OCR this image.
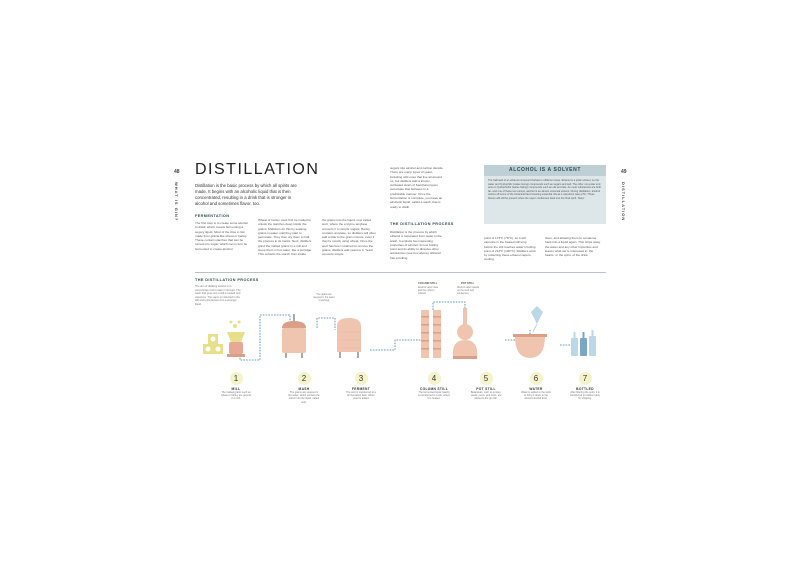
48
WHAT IS GIN?
49
DISTILLATION
DISTILLATION
Distillation is the basic process by which all spirits are made. It begins with an alcoholic liquid that is then concentrated, resulting in a drink that is stronger in alcohol and sometimes flavor, too.
FERMENTATION
The first step is to create some alcohol to distill, which means fermenting a sugary liquid. Most of the time in Gin made from grains like wheat or barley. These contain starches that can be turned into sugar, which can in turn be fermented to create alcohol.
Wheat or barley must first be malted to unlock the starches deep inside the grains. Maltsters do this by soaking grains in water until they start to germinate. They then dry them to halt the process in its tracks. Next, distillers grind the malted grains in a mill and steep them in hot water, like a porridge. This extracts the starch from inside
the grains into the liquid, now called wort, where the enzyme amylase converts it to simple sugars. Barley contains amylase, so distillers will often add a little to the grain mixture, even if they're mostly using wheat. Once the wort has been strained to remove the grains, distillers add yeast to it. Yeast converts simple
sugars into alcohol and carbon dioxide. There are many types of yeast, including wild ones that live all around us, but distillers add a known, cultivated strain of Saccharomyces cerevisiae that behaves in a predictable manner. Once the fermentation is complete, you have an alcoholic liquid, called a wash, that is ready to distill.
THE DISTILLATION PROCESS
Distillation is the process by which ethanol is separated from water in the wash. It exploits two interesting properties of alcohol: its low boiling point and its ability to dissolve other substances (see box above). Ethanol has a boiling
point of 173°F (78°C), so it will vaporize in the heated still long before the still reaches water's boiling point of 212°F (100°C). Distillers work by collecting these ethanol vapors, cooling
them, and allowing them to condense back into a liquid again. This strips away the water and any other impurities and leaves what we're interested in: the hearts, or the spirit, of the drink.
ALCOHOL IS A SOLVENT
The hallmark of an ethanol compound behave in different ways. Ethanol is a polar solvent, so the water and hydrophilic (water-loving) compounds such as sugars and salt. The other non-polar end acts on hydrophobic (water-hating) compounds such as oils and fats. As most substances are both fat- and one of these two camps, alcohol is an almost universal solvent. During distillation, alcohol carries off some of the botanical flavor-bearing essential oils as it vaporizes (see p70). Those flavors will still be present when the vapor condenses back into the final spirit. Tasty!
THE DISTILLATION PROCESS
The aim of distilling alcohol is to concentrate it and make it stronger. The wash that goes into a still is heated and vaporizes. The vapor is collected in the still and recondenses into a stronger liquid.
The grains are steeped in hot water (mashing)
COLUMN STILL
Alcohol vapor rises and the column collects
POT STILL
Alcohol vapor travels up the neck and condenses
1
MILL
The malted grains such as wheat or barley are ground in a mill.
2
MASH
The grains are steeped in hot water, which extracts the starch into the liquid, called wort.
3
FERMENT
The wort is transferred to a fermentation tank, where yeast is added.
4
COLUMN STILL
The fermented liquid (wash) is transferred to a still, where it is heated.
5
POT STILL
Botanicals, such as juniper, seeds, peels, and roots, are added to the gin still.
6
WATER
Water is added to the spirit to bring it down to the desired alcohol level.
7
BOTTLED
After filtering the spirit, it is transferred to bottles ready for shipping.
